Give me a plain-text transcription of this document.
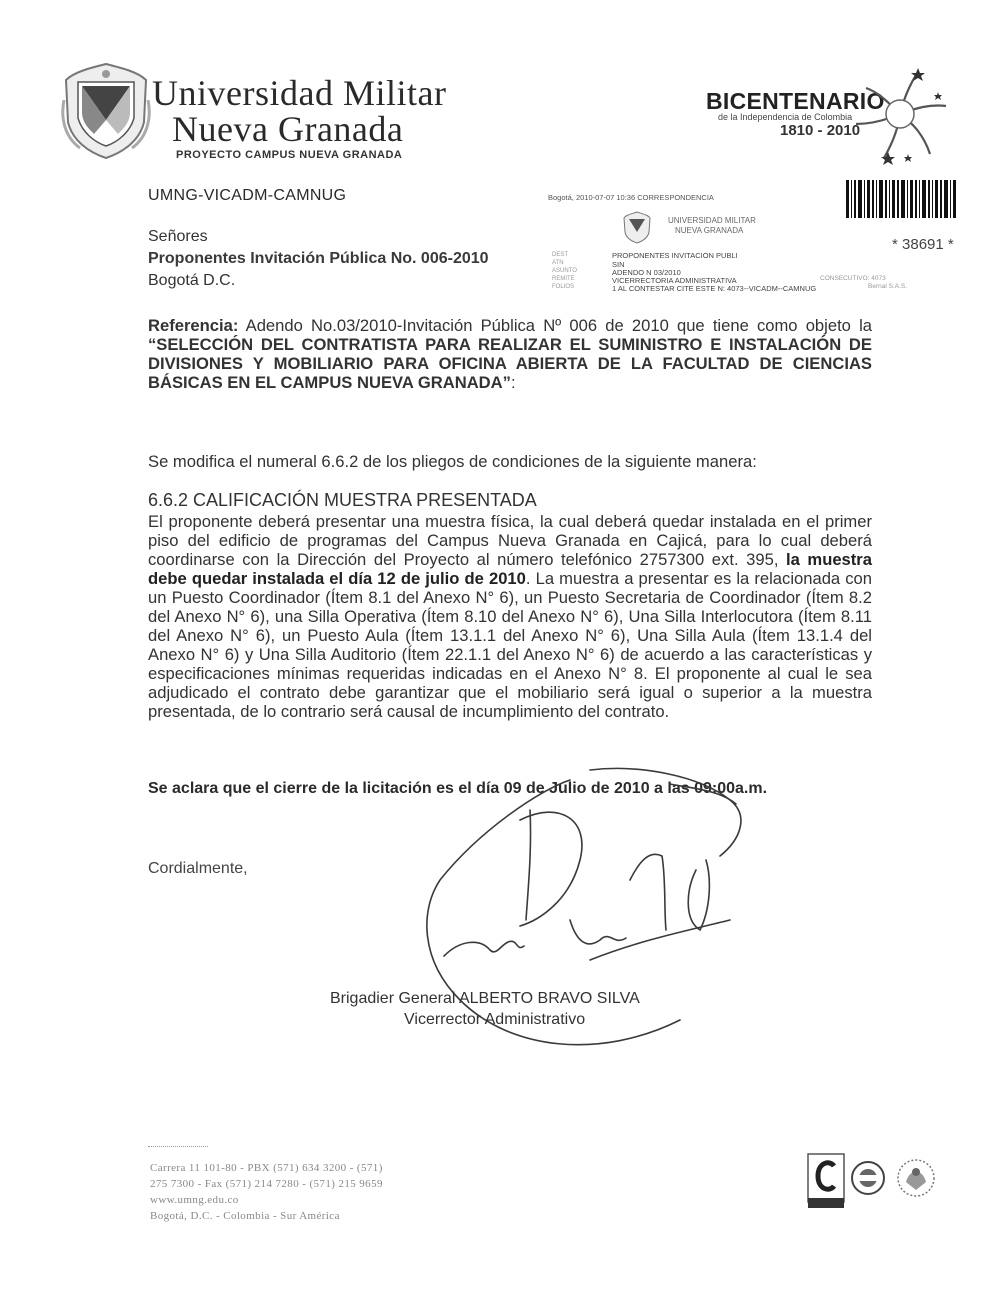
Universidad Militar
Nueva Granada
PROYECTO CAMPUS NUEVA GRANADA
BICENTENARIO
de la Independencia de Colombia
1810 - 2010
UMNG-VICADM-CAMNUG
Señores
Proponentes Invitación Pública No. 006-2010
Bogotá D.C.
Bogotá, 2010-07-07 10:36 CORRESPONDENCIA
UNIVERSIDAD MILITAR
NUEVA GRANADA
DEST
ATN
ASUNTO
REMITE
FOLIOS
PROPONENTES INVITACION PUBLI
SIN
ADENDO N 03/2010
VICERRECTORIA ADMINISTRATIVA
1 AL CONTESTAR CITE ESTE N: 4073--VICADM--CAMNUG
CONSECUTIVO: 4073
Bernal S.A.S.
* 38691 *
Referencia: Adendo No.03/2010-Invitación Pública Nº 006 de 2010 que tiene como objeto la “SELECCIÓN DEL CONTRATISTA PARA REALIZAR EL SUMINISTRO E INSTALACIÓN DE DIVISIONES Y MOBILIARIO PARA OFICINA ABIERTA DE LA FACULTAD DE CIENCIAS BÁSICAS EN EL CAMPUS NUEVA GRANADA”:
Se modifica el numeral 6.6.2 de los pliegos de condiciones de la siguiente manera:
6.6.2 CALIFICACIÓN MUESTRA PRESENTADA
El proponente deberá presentar una muestra física, la cual deberá quedar instalada en el primer piso del edificio de programas del Campus Nueva Granada en Cajicá, para lo cual deberá coordinarse con la Dirección del Proyecto al número telefónico 2757300 ext. 395, la muestra debe quedar instalada el día 12 de julio de 2010. La muestra a presentar es la relacionada con un Puesto Coordinador (Ítem 8.1 del Anexo N° 6), un Puesto Secretaria de Coordinador (Ítem 8.2 del Anexo N° 6), una Silla Operativa (Ítem 8.10 del Anexo N° 6), Una Silla Interlocutora (Ítem 8.11 del Anexo N° 6), un Puesto Aula (Ítem 13.1.1 del Anexo N° 6), Una Silla Aula (Ítem 13.1.4 del Anexo N° 6) y Una Silla Auditorio (Ítem 22.1.1 del Anexo N° 6) de acuerdo a las características y especificaciones mínimas requeridas indicadas en el Anexo N° 8. El proponente al cual le sea adjudicado el contrato debe garantizar que el mobiliario será igual o superior a la muestra presentada, de lo contrario será causal de incumplimiento del contrato.
Se aclara que el cierre de la licitación es el día 09 de Julio de 2010 a las 09:00a.m.
Cordialmente,
Brigadier General ALBERTO BRAVO SILVA
Vicerrector Administrativo
Carrera 11 101-80 - PBX (571) 634 3200 - (571)
275 7300 - Fax (571) 214 7280 - (571) 215 9659
www.umng.edu.co
Bogotá, D.C. - Colombia - Sur América
